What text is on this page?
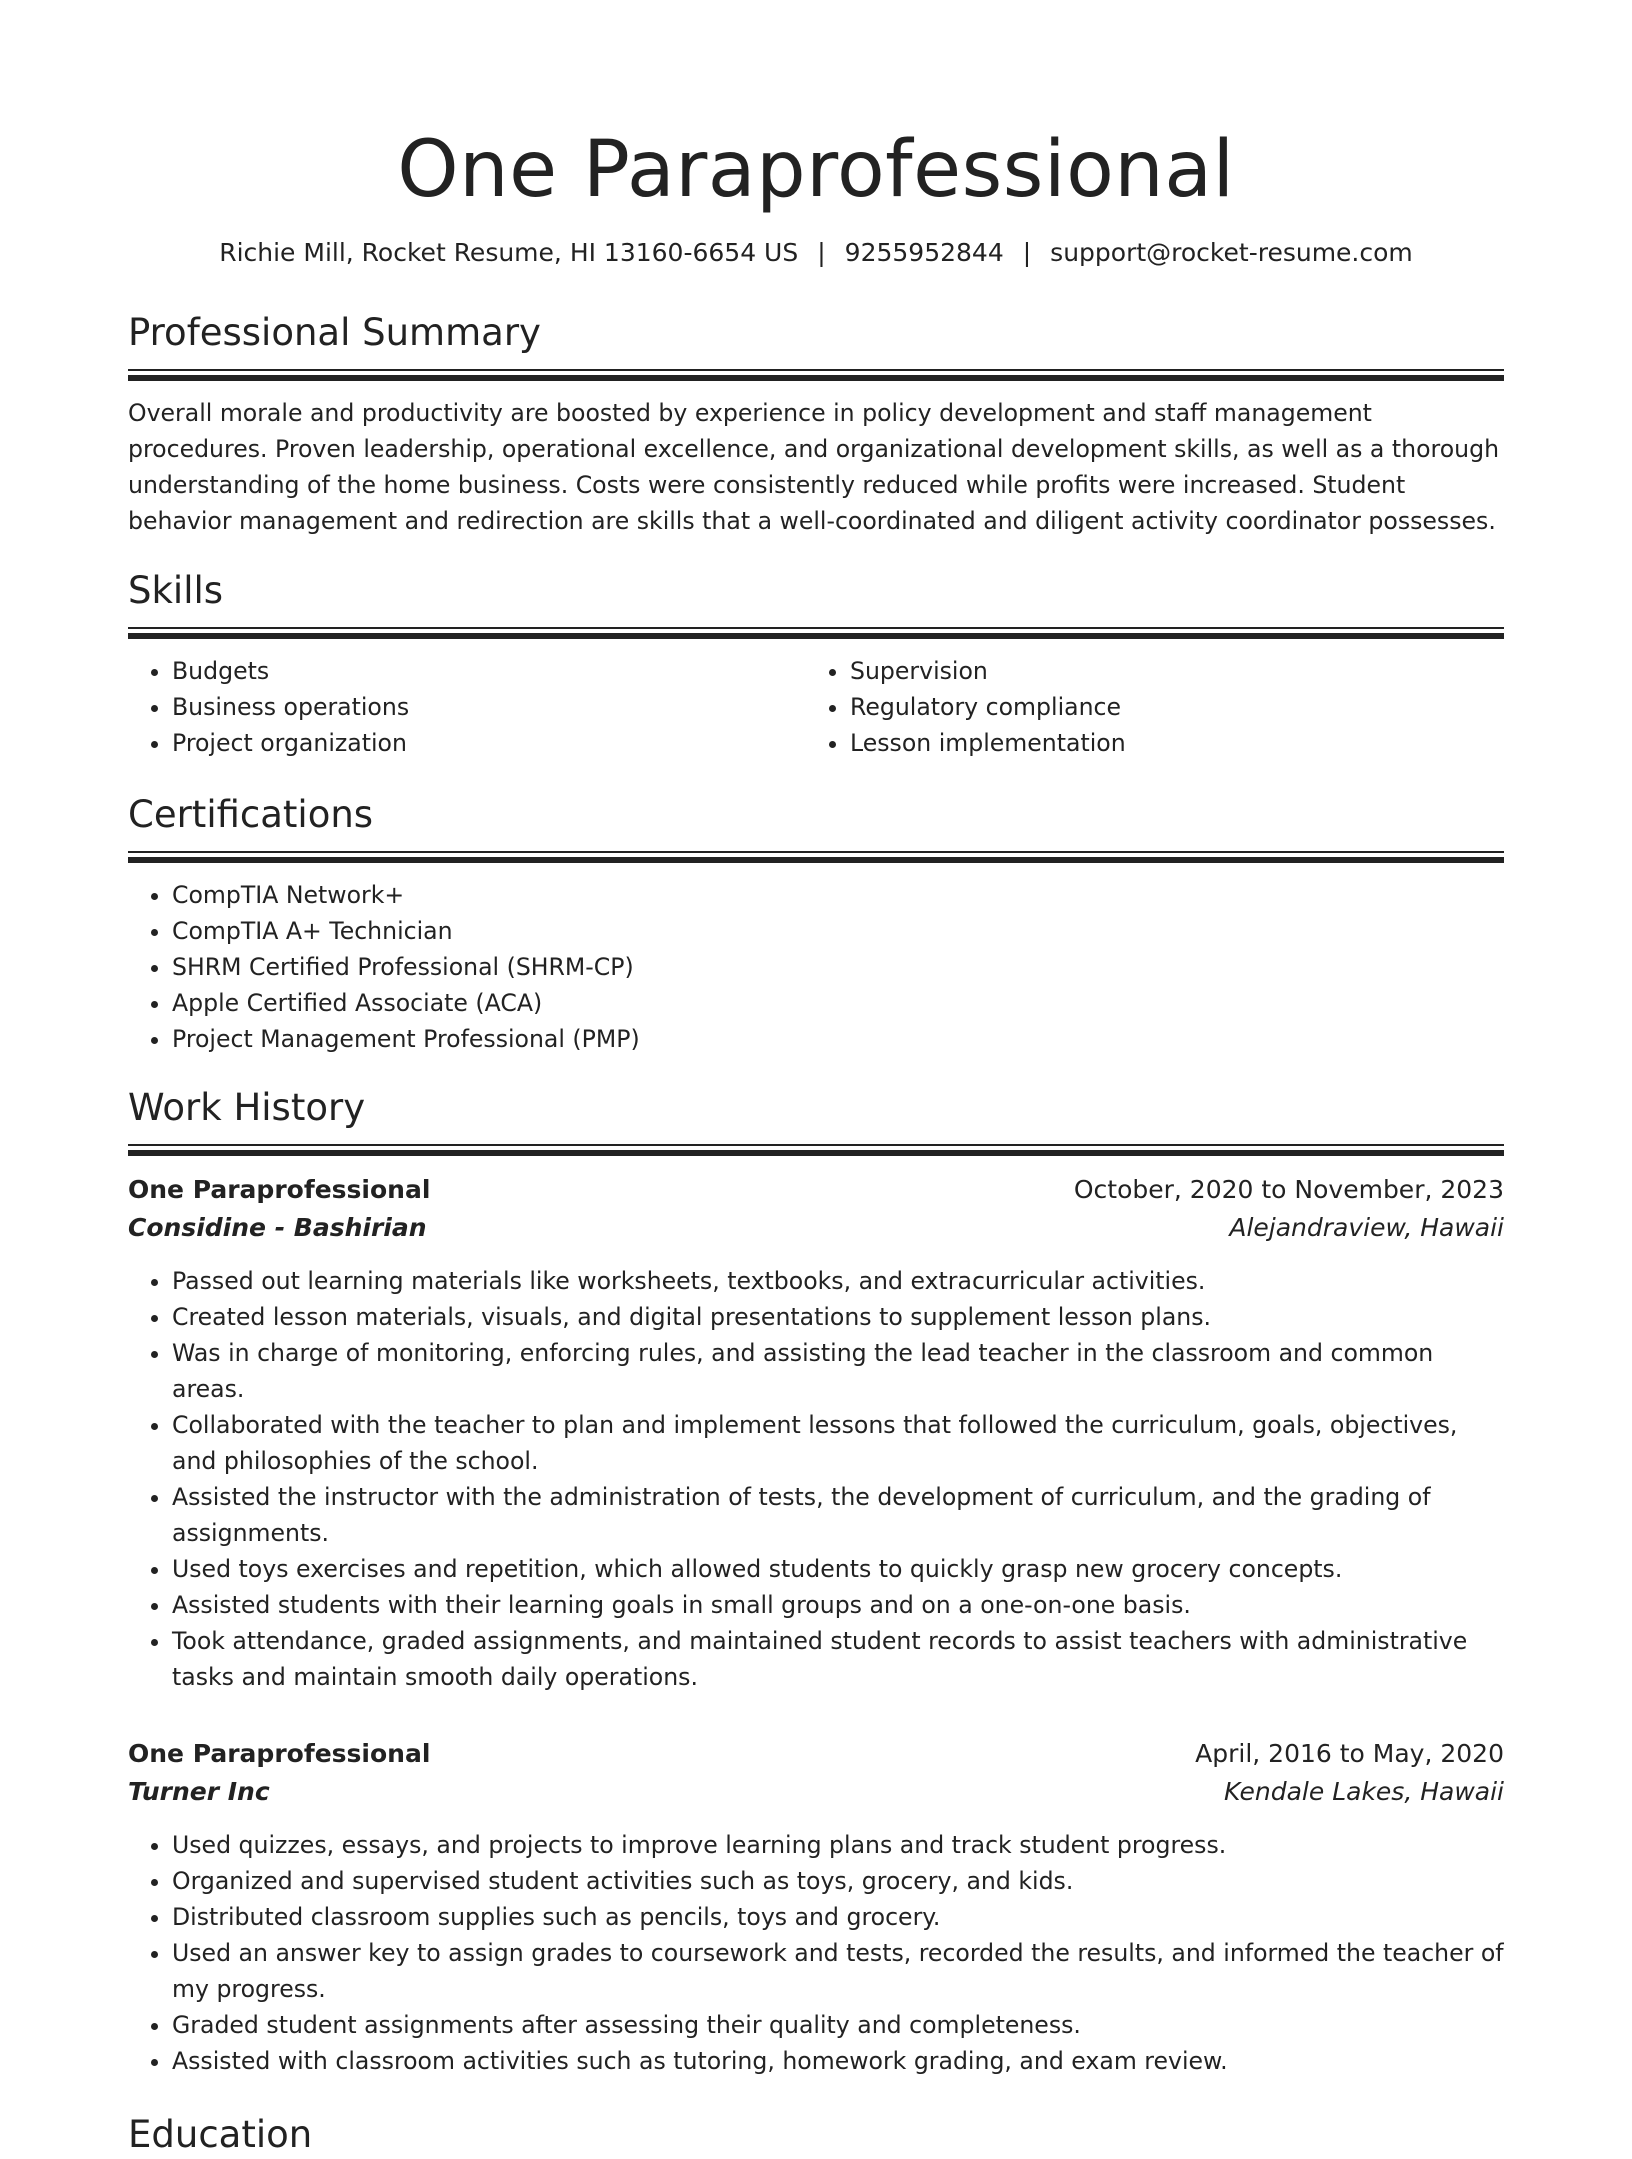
One Paraprofessional
Richie Mill, Rocket Resume, HI 13160-6654 US | 9255952844 | support@rocket-resume.com
Professional Summary

Overall morale and productivity are boosted by experience in policy development and staff management procedures. Proven leadership, operational excellence, and organizational development skills, as well as a thorough understanding of the home business. Costs were consistently reduced while profits were increased. Student behavior management and redirection are skills that a well-coordinated and diligent activity coordinator possesses.

Skills
• Budgets
• Business operations
• Project organization
• Supervision
• Regulatory compliance
• Lesson implementation
Certifications
• CompTIA Network+
• CompTIA A+ Technician
• SHRM Certified Professional (SHRM-CP)
• Apple Certified Associate (ACA)
• Project Management Professional (PMP)
Work History
One Paraprofessional	October, 2020 to November, 2023
Considine - Bashirian	Alejandraview, Hawaii
• Passed out learning materials like worksheets, textbooks, and extracurricular activities.
• Created lesson materials, visuals, and digital presentations to supplement lesson plans.
• Was in charge of monitoring, enforcing rules, and assisting the lead teacher in the classroom and common areas.
• Collaborated with the teacher to plan and implement lessons that followed the curriculum, goals, objectives, and philosophies of the school.
• Assisted the instructor with the administration of tests, the development of curriculum, and the grading of assignments.
• Used toys exercises and repetition, which allowed students to quickly grasp new grocery concepts.
• Assisted students with their learning goals in small groups and on a one-on-one basis.
• Took attendance, graded assignments, and maintained student records to assist teachers with administrative tasks and maintain smooth daily operations.
One Paraprofessional	April, 2016 to May, 2020
Turner Inc	Kendale Lakes, Hawaii
• Used quizzes, essays, and projects to improve learning plans and track student progress.
• Organized and supervised student activities such as toys, grocery, and kids.
• Distributed classroom supplies such as pencils, toys and grocery.
• Used an answer key to assign grades to coursework and tests, recorded the results, and informed the teacher of my progress.
• Graded student assignments after assessing their quality and completeness.
• Assisted with classroom activities such as tutoring, homework grading, and exam review.
Education
